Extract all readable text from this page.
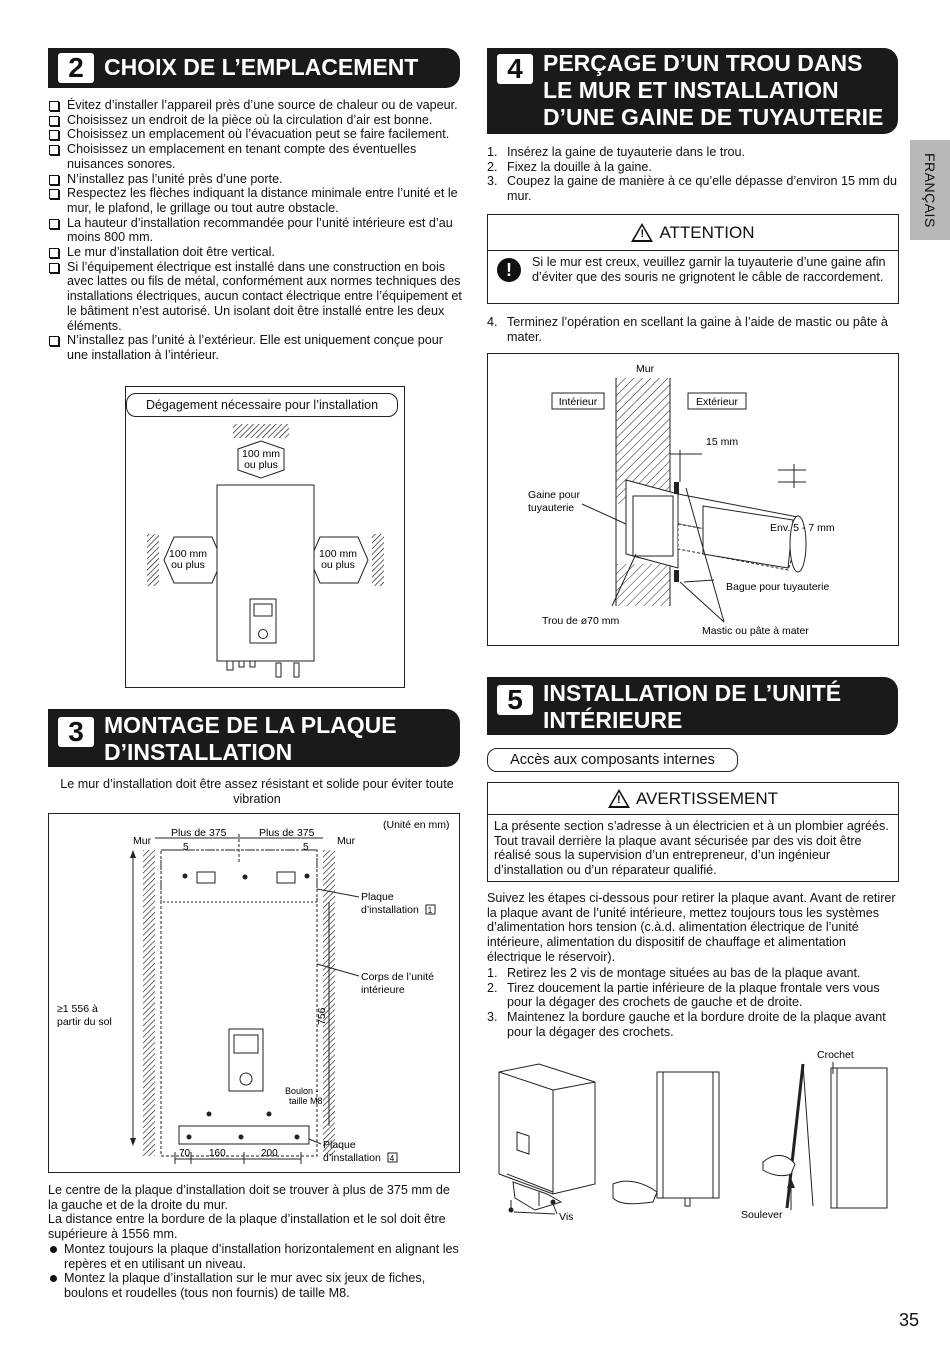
FRANÇAIS
2 CHOIX DE L’EMPLACEMENT
Évitez d’installer l’appareil près d’une source de chaleur ou de vapeur.
Choisissez un endroit de la pièce où la circulation d’air est bonne.
Choisissez un emplacement où l’évacuation peut se faire facilement.
Choisissez un emplacement en tenant compte des éventuelles nuisances sonores.
N’installez pas l’unité près d’une porte.
Respectez les flèches indiquant la distance minimale entre l’unité et le mur, le plafond, le grillage ou tout autre obstacle.
La hauteur d’installation recommandée pour l’unité intérieure est d’au moins 800 mm.
Le mur d’installation doit être vertical.
Si l’équipement électrique est installé dans une construction en bois avec lattes ou fils de métal, conformément aux normes techniques des installations électriques, aucun contact électrique entre l’équipement et le bâtiment n’est autorisé. Un isolant doit être installé entre les deux éléments.
N’installez pas l’unité à l’extérieur. Elle est uniquement conçue pour une installation à l’intérieur.
100 mm
ou plus
100 mm
ou plus
100 mm
ou plus
Dégagement nécessaire pour l’installation
3 MONTAGE DE LA PLAQUE
D’INSTALLATION
Le mur d’installation doit être assez résistant et solide pour éviter toute vibration
(Unité en mm)
Mur	Mur
Plus de 375	Plus de 375
5	5
Plaque
d’installation 1
Corps de l’unité
intérieure
≥1 556 à
partir du sol	756
Boulon -
taille M8
Plaque
d’installation 4
70 160	200

Le centre de la plaque d’installation doit se trouver à plus de 375 mm de la gauche et de la droite du mur.

La distance entre la bordure de la plaque d’installation et le sol doit être supérieure à 1556 mm.

Montez toujours la plaque d’installation horizontalement en alignant les repères et en utilisant un niveau.
Montez la plaque d’installation sur le mur avec six jeux de fiches, boulons et roudelles (tous non fournis) de taille M8.
4 PERÇAGE D’UN TROU DANS
LE MUR ET INSTALLATION
D’UNE GAINE DE TUYAUTERIE
1. Insérez la gaine de tuyauterie dans le trou.
2. Fixez la douille à la gaine.
3. Coupez la gaine de manière à ce qu’elle dépasse d’environ 15 mm du mur.
! ATTENTION
!	Si le mur est creux, veuillez garnir la tuyauterie d’une gaine afin d’éviter que des souris ne grignotent le câble de raccordement.
4. Terminez l’opération en scellant la gaine à l’aide de mastic ou pâte à mater.
Mur
Intérieur	Extérieur
15 mm
Gaine pour
tuyauterie
Env. 5 - 7 mm
Bague pour tuyauterie
Trou de ø70 mm
Mastic ou pâte à mater
5 INSTALLATION DE L’UNITÉ
INTÉRIEURE
Accès aux composants internes
! AVERTISSEMENT
La présente section s’adresse à un électricien et à un plombier agréés. Tout travail derrière la plaque avant sécurisée par des vis doit être réalisé sous la supervision d’un entrepreneur, d’un ingénieur d’installation ou d’un réparateur qualifié.
Suivez les étapes ci-dessous pour retirer la plaque avant. Avant de retirer la plaque avant de l’unité intérieure, mettez toujours tous les systèmes d’alimentation hors tension (c.à.d. alimentation électrique de l’unité intérieure, alimentation du dispositif de chauffage et alimentation électrique le réservoir).
1. Retirez les 2 vis de montage situées au bas de la plaque avant.
2. Tirez doucement la partie inférieure de la plaque frontale vers vous pour la dégager des crochets de gauche et de droite.
3. Maintenez la bordure gauche et la bordure droite de la plaque avant pour la dégager des crochets.
Crochet
Vis	Soulever
35
